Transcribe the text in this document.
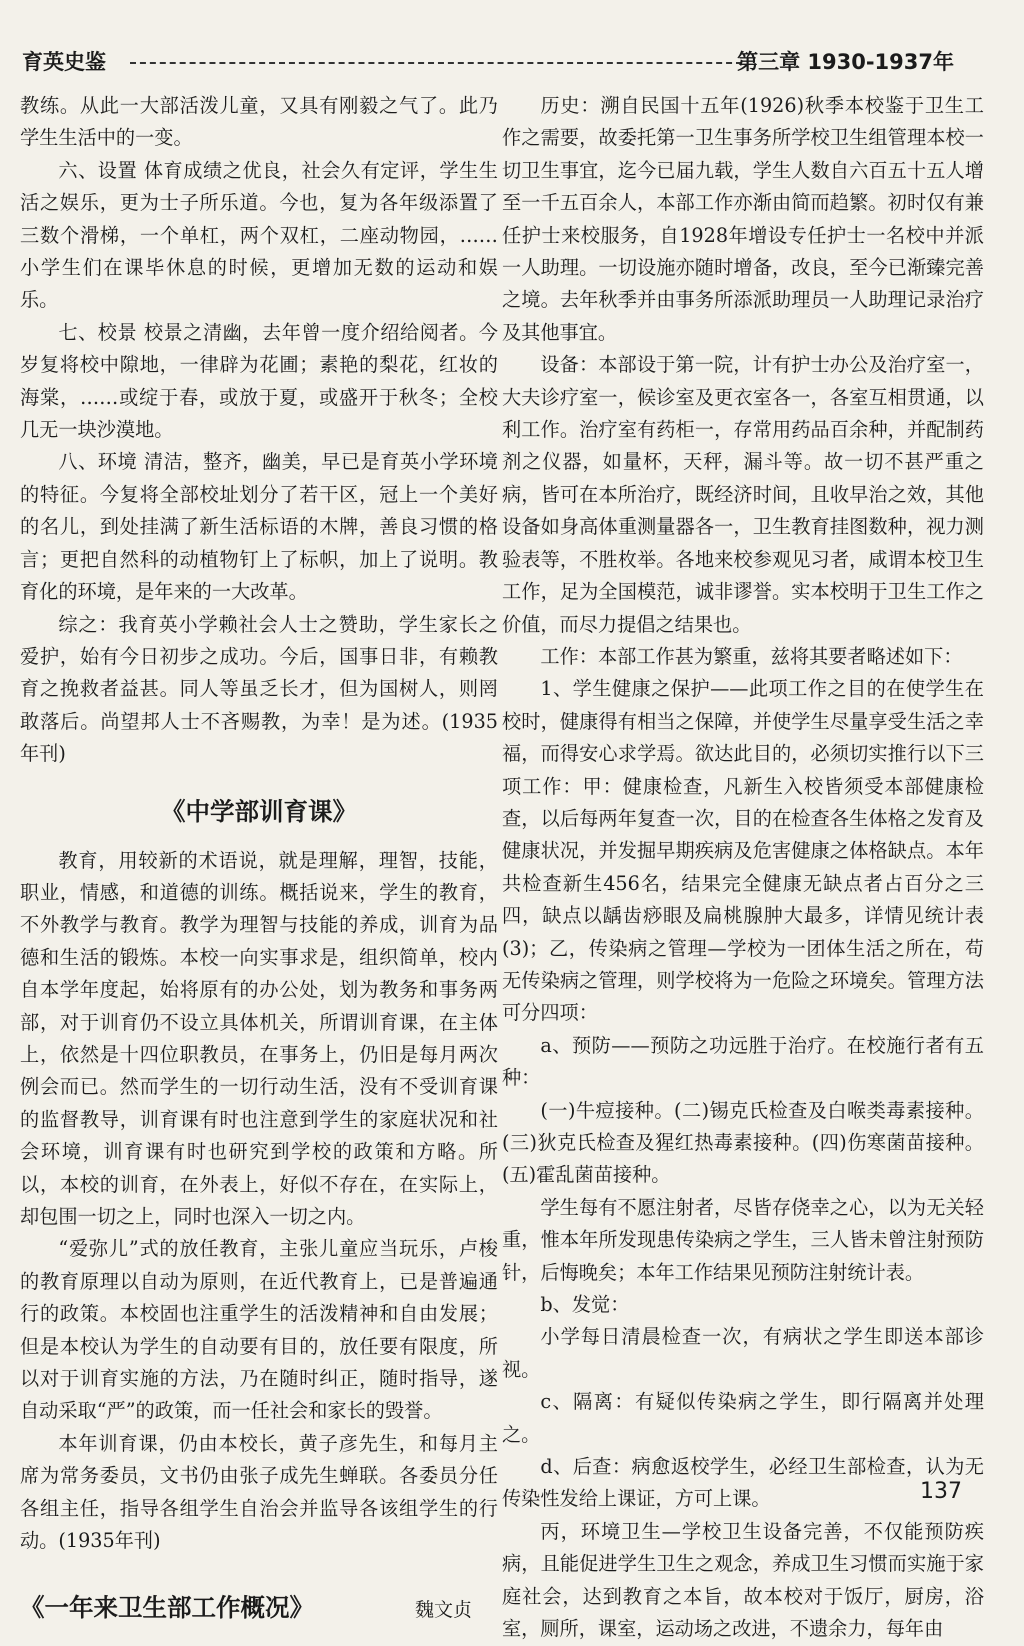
育英史鉴	第三章 1930-1937年

教练。从此一大部活泼儿童，又具有刚毅之气了。此乃学生生活中的一变。

六、设置 体育成绩之优良，社会久有定评，学生生活之娱乐，更为士子所乐道。今也，复为各年级添置了三数个滑梯，一个单杠，两个双杠，二座动物园，……小学生们在课毕休息的时候，更增加无数的运动和娱乐。

七、校景 校景之清幽，去年曾一度介绍给阅者。今岁复将校中隙地，一律辟为花圃；素艳的梨花，红妆的海棠，……或绽于春，或放于夏，或盛开于秋冬；全校几无一块沙漠地。

八、环境 清洁，整齐，幽美，早已是育英小学环境的特征。今复将全部校址划分了若干区，冠上一个美好的名儿，到处挂满了新生活标语的木牌，善良习惯的格言；更把自然科的动植物钉上了标帜，加上了说明。教育化的环境，是年来的一大改革。

综之：我育英小学赖社会人士之赞助，学生家长之爱护，始有今日初步之成功。今后，国事日非，有赖教育之挽救者益甚。同人等虽乏长才，但为国树人，则罔敢落后。尚望邦人士不吝赐教，为幸！是为述。(1935年刊)

《中学部训育课》

教育，用较新的术语说，就是理解，理智，技能，职业，情感，和道德的训练。概括说来，学生的教育，不外教学与教育。教学为理智与技能的养成，训育为品德和生活的锻炼。本校一向实事求是，组织简单，校内自本学年度起，始将原有的办公处，划为教务和事务两部，对于训育仍不设立具体机关，所谓训育课，在主体上，依然是十四位职教员，在事务上，仍旧是每月两次例会而已。然而学生的一切行动生活，没有不受训育课的监督教导，训育课有时也注意到学生的家庭状况和社会环境，训育课有时也研究到学校的政策和方略。所以，本校的训育，在外表上，好似不存在，在实际上，却包围一切之上，同时也深入一切之内。

“爱弥儿”式的放任教育，主张儿童应当玩乐，卢梭的教育原理以自动为原则，在近代教育上，已是普遍通行的政策。本校固也注重学生的活泼精神和自由发展；但是本校认为学生的自动要有目的，放任要有限度，所以对于训育实施的方法，乃在随时纠正，随时指导，遂自动采取“严”的政策，而一任社会和家长的毁誉。

本年训育课，仍由本校长，黄子彦先生，和每月主席为常务委员，文书仍由张子成先生蝉联。各委员分任各组主任，指导各组学生自治会并监导各该组学生的行动。(1935年刊)

《一年来卫生部工作概况》	魏文贞

历史：溯自民国十五年(1926)秋季本校鉴于卫生工作之需要，故委托第一卫生事务所学校卫生组管理本校一切卫生事宜，迄今已届九载，学生人数自六百五十五人增至一千五百余人，本部工作亦渐由简而趋繁。初时仅有兼任护士来校服务，自1928年增设专任护士一名校中并派一人助理。一切设施亦随时增备，改良，至今已渐臻完善之境。去年秋季并由事务所添派助理员一人助理记录治疗及其他事宜。

设备：本部设于第一院，计有护士办公及治疗室一，大夫诊疗室一，候诊室及更衣室各一，各室互相贯通，以利工作。治疗室有药柜一，存常用药品百余种，并配制药剂之仪器，如量杯，天秤，漏斗等。故一切不甚严重之病，皆可在本所治疗，既经济时间，且收早治之效，其他设备如身高体重测量器各一，卫生教育挂图数种，视力测验表等，不胜枚举。各地来校参观见习者，咸谓本校卫生工作，足为全国模范，诚非谬誉。实本校明于卫生工作之价值，而尽力提倡之结果也。

工作：本部工作甚为繁重，兹将其要者略述如下：

1、学生健康之保护——此项工作之目的在使学生在校时，健康得有相当之保障，并使学生尽量享受生活之幸福，而得安心求学焉。欲达此目的，必须切实推行以下三项工作：甲：健康检查，凡新生入校皆须受本部健康检查，以后每两年复查一次，目的在检查各生体格之发育及健康状况，并发掘早期疾病及危害健康之体格缺点。本年共检查新生456名，结果完全健康无缺点者占百分之三四，缺点以龋齿痧眼及扁桃腺肿大最多，详情见统计表(3)；乙，传染病之管理—学校为一团体生活之所在，苟无传染病之管理，则学校将为一危险之环境矣。管理方法可分四项：

a、预防——预防之功远胜于治疗。在校施行者有五种：

(一)牛痘接种。(二)锡克氏检查及白喉类毒素接种。(三)狄克氏检查及猩红热毒素接种。(四)伤寒菌苗接种。(五)霍乱菌苗接种。

学生每有不愿注射者，尽皆存侥幸之心，以为无关轻重，惟本年所发现患传染病之学生，三人皆未曾注射预防针，后悔晚矣；本年工作结果见预防注射统计表。

b、发觉：

小学每日清晨检查一次，有病状之学生即送本部诊视。

c、隔离：有疑似传染病之学生，即行隔离并处理之。

d、后查：病愈返校学生，必经卫生部检查，认为无传染性发给上课证，方可上课。

丙，环境卫生—学校卫生设备完善，不仅能预防疾病，且能促进学生卫生之观念，养成卫生习惯而实施于家庭社会，达到教育之本旨，故本校对于饭厅，厨房，浴室，厕所，课室，运动场之改进，不遗余力，每年由

137
